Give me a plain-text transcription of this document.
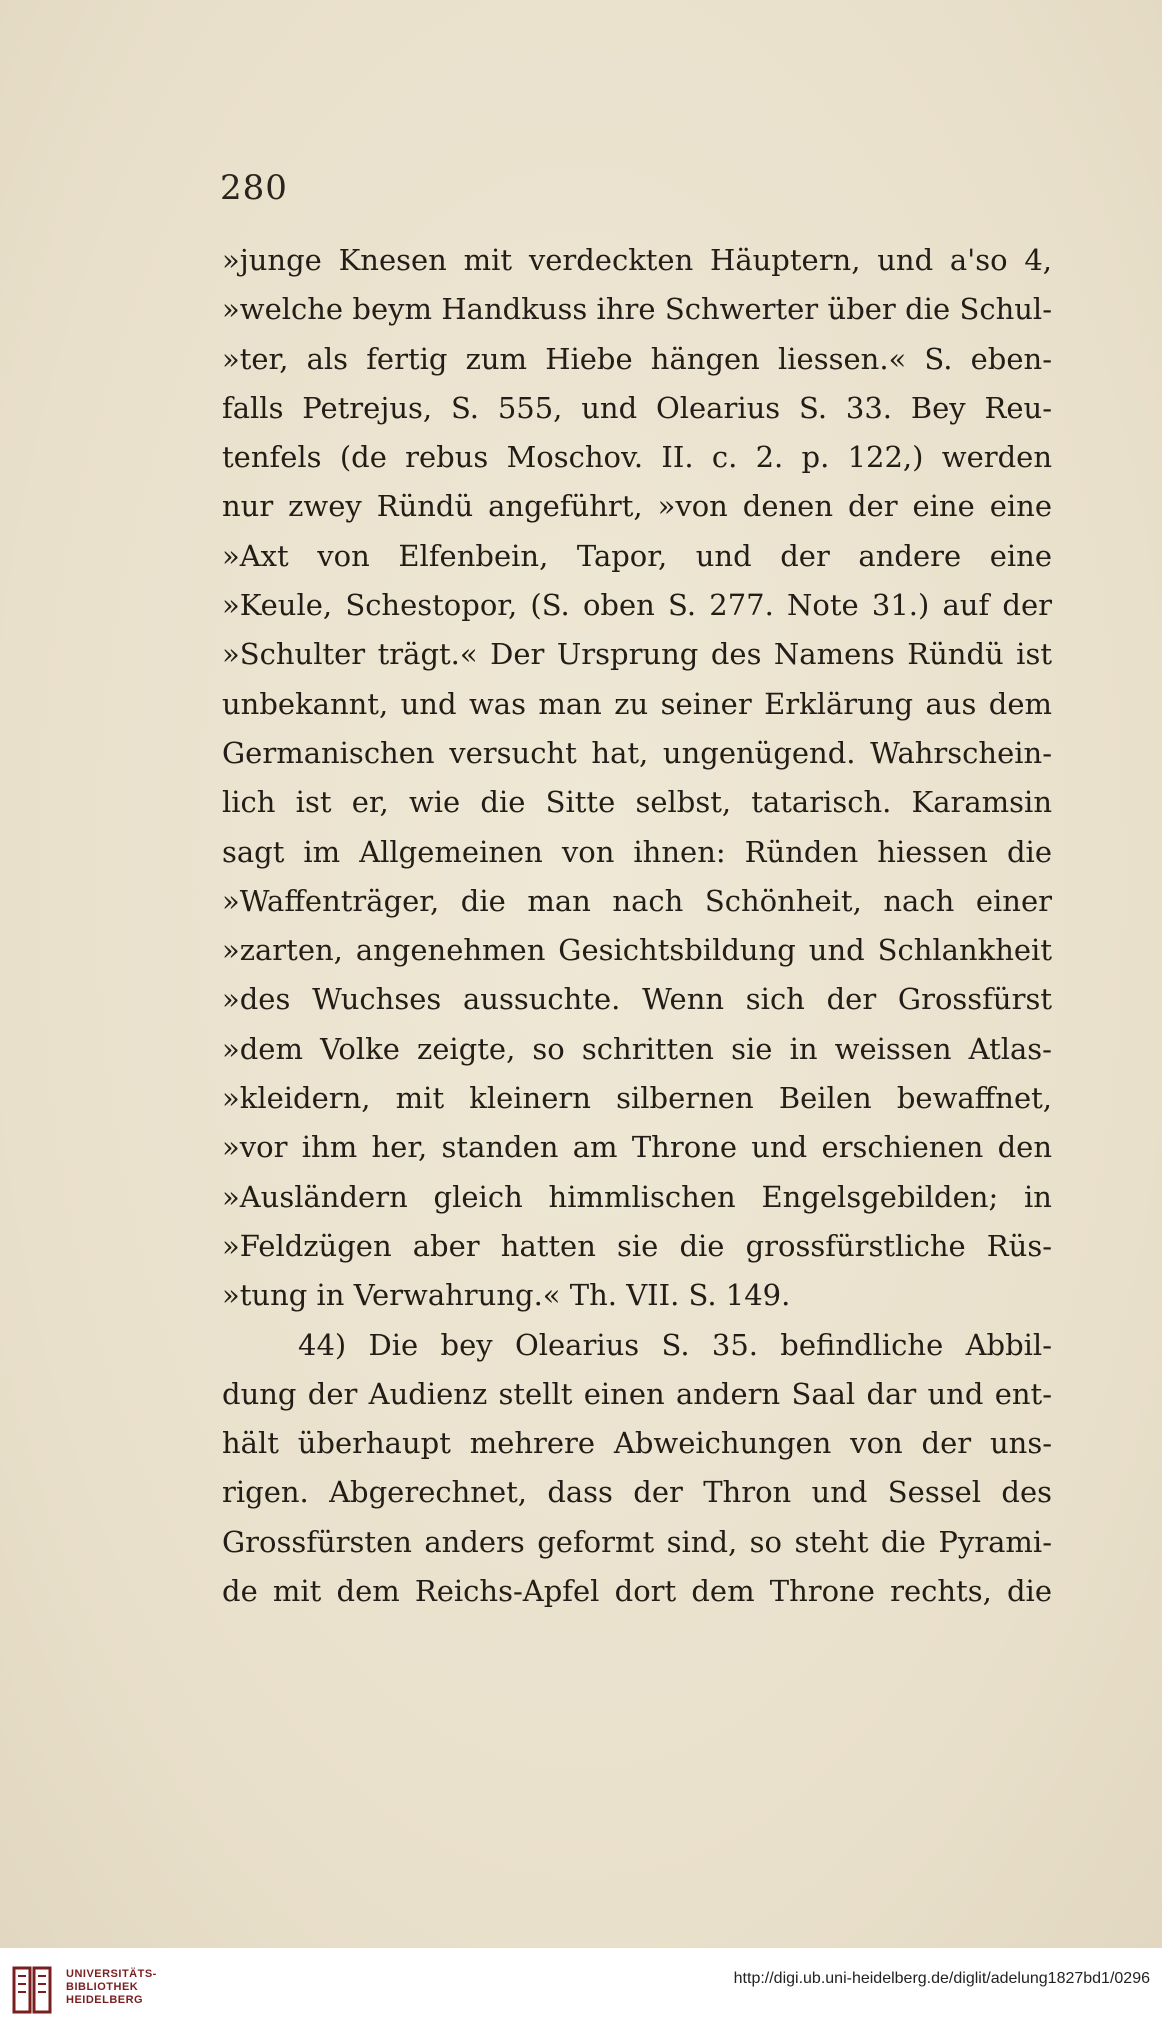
280
»junge Knesen mit verdeckten Häuptern, und a'so 4,
»welche beym Handkuss ihre Schwerter über die Schul-
»ter, als fertig zum Hiebe hängen liessen.« S. eben-
falls Petrejus, S. 555, und Olearius S. 33. Bey Reu-
tenfels (de rebus Moschov. II. c. 2. p. 122,) werden
nur zwey Ründü angeführt, »von denen der eine eine
»Axt von Elfenbein, Tapor, und der andere eine
»Keule, Schestopor, (S. oben S. 277. Note 31.) auf der
»Schulter trägt.« Der Ursprung des Namens Ründü ist
unbekannt, und was man zu seiner Erklärung aus dem
Germanischen versucht hat, ungenügend. Wahrschein-
lich ist er, wie die Sitte selbst, tatarisch. Karamsin
sagt im Allgemeinen von ihnen: Ründen hiessen die
»Waffenträger, die man nach Schönheit, nach einer
»zarten, angenehmen Gesichtsbildung und Schlankheit
»des Wuchses aussuchte. Wenn sich der Grossfürst
»dem Volke zeigte, so schritten sie in weissen Atlas-
»kleidern, mit kleinern silbernen Beilen bewaffnet,
»vor ihm her, standen am Throne und erschienen den
»Ausländern gleich himmlischen Engelsgebilden; in
»Feldzügen aber hatten sie die grossfürstliche Rüs-
»tung in Verwahrung.« Th. VII. S. 149.
44) Die bey Olearius S. 35. befindliche Abbil-
dung der Audienz stellt einen andern Saal dar und ent-
hält überhaupt mehrere Abweichungen von der uns-
rigen. Abgerechnet, dass der Thron und Sessel des
Grossfürsten anders geformt sind, so steht die Pyrami-
de mit dem Reichs-Apfel dort dem Throne rechts, die
UNIVERSITÄTS-
BIBLIOTHEK
HEIDELBERG
http://digi.ub.uni-heidelberg.de/diglit/adelung1827bd1/0296
